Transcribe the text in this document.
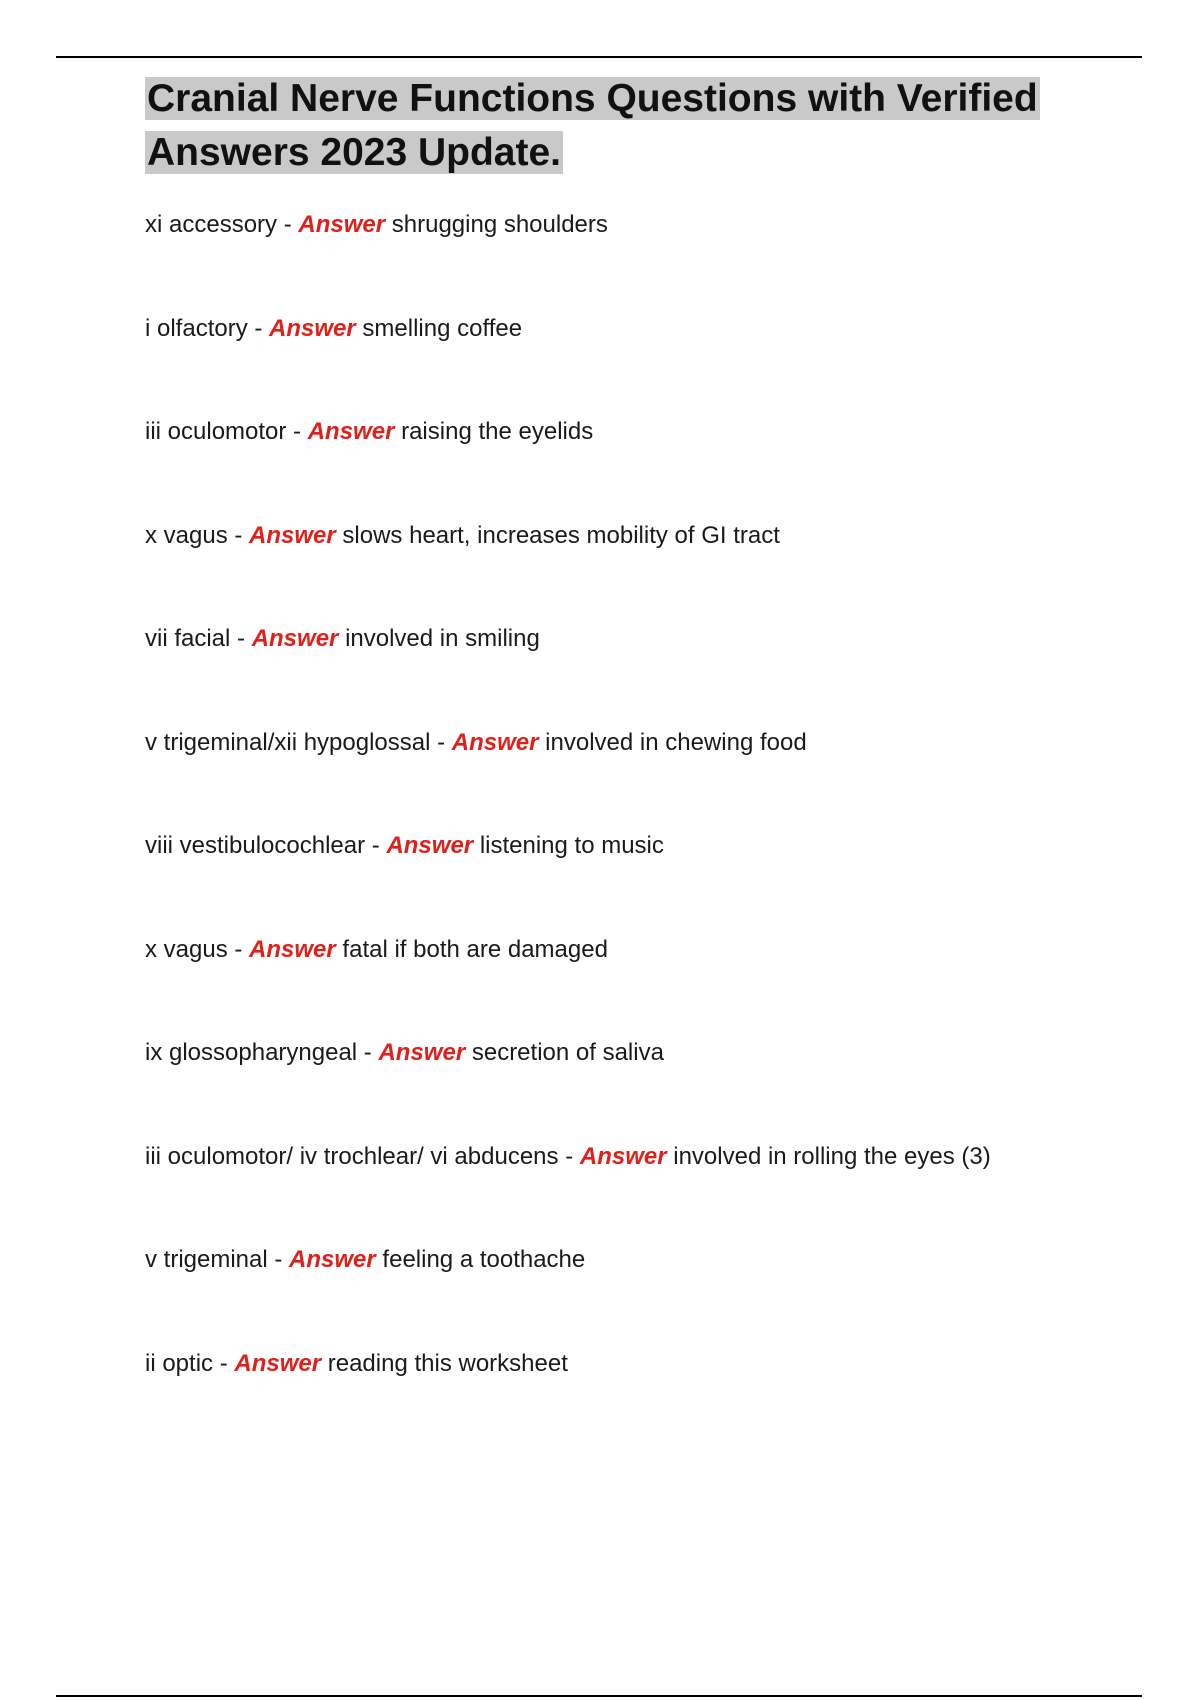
Cranial Nerve Functions Questions with Verified Answers 2023 Update.
xi accessory - Answer shrugging shoulders
i olfactory - Answer smelling coffee
iii oculomotor - Answer raising the eyelids
x vagus - Answer slows heart, increases mobility of GI tract
vii facial - Answer involved in smiling
v trigeminal/xii hypoglossal - Answer involved in chewing food
viii vestibulocochlear - Answer listening to music
x vagus - Answer fatal if both are damaged
ix glossopharyngeal - Answer secretion of saliva
iii oculomotor/ iv trochlear/ vi abducens - Answer involved in rolling the eyes (3)
v trigeminal - Answer feeling a toothache
ii optic - Answer reading this worksheet
